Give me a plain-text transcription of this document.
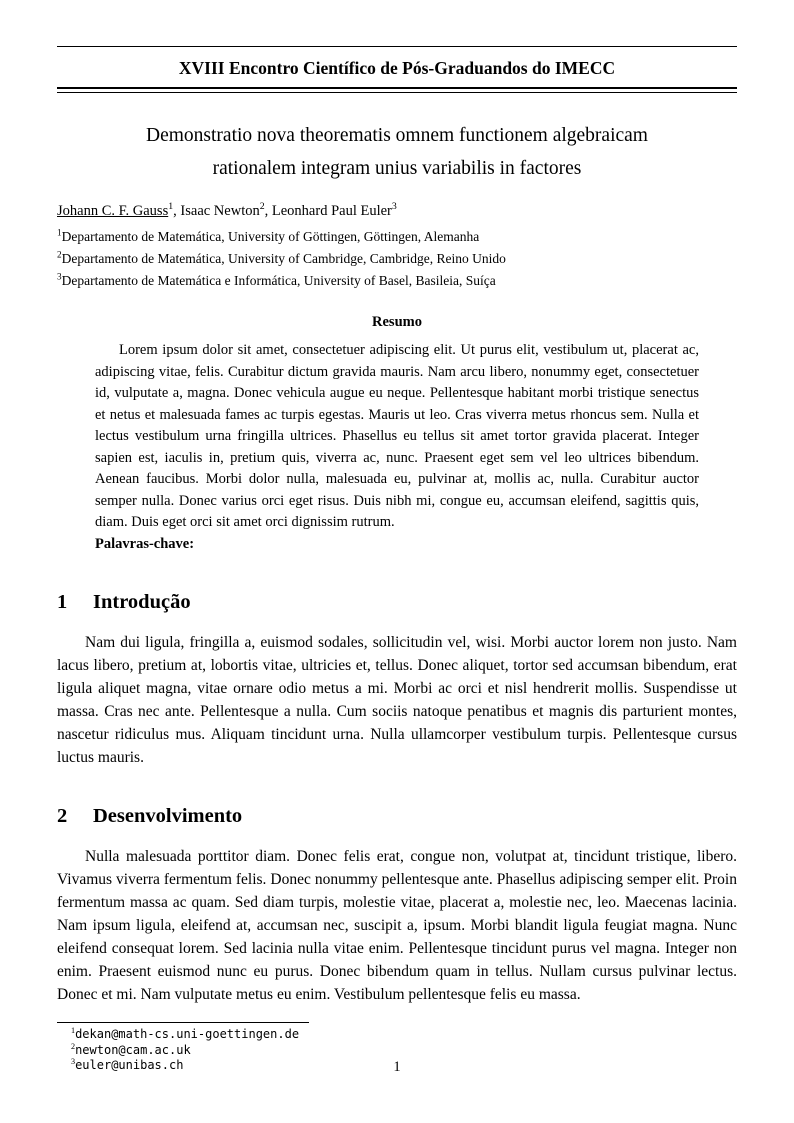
XVIII Encontro Científico de Pós-Graduandos do IMECC
Demonstratio nova theorematis omnem functionem algebraicam
rationalem integram unius variabilis in factores

Johann C. F. Gauss$^1$, Isaac Newton$^2$, Leonhard Paul Euler$^3$

$^1$Departamento de Matemática, University of Göttingen, Göttingen, Alemanha
$^2$Departamento de Matemática, University of Cambridge, Cambridge, Reino Unido
$^3$Departamento de Matemática e Informática, University of Basel, Basileia, Suíça
Resumo
Lorem ipsum dolor sit amet, consectetuer adipiscing elit. Ut purus elit, vestibulum ut, placerat ac, adipiscing vitae, felis. Curabitur dictum gravida mauris. Nam arcu libero, nonummy eget, consectetuer id, vulputate a, magna. Donec vehicula augue eu neque. Pellentesque habitant morbi tristique senectus et netus et malesuada fames ac turpis egestas. Mauris ut leo. Cras viverra metus rhoncus sem. Nulla et lectus vestibulum urna fringilla ultrices. Phasellus eu tellus sit amet tortor gravida placerat. Integer sapien est, iaculis in, pretium quis, viverra ac, nunc. Praesent eget sem vel leo ultrices bibendum. Aenean faucibus. Morbi dolor nulla, malesuada eu, pulvinar at, mollis ac, nulla. Curabitur auctor semper nulla. Donec varius orci eget risus. Duis nibh mi, congue eu, accumsan eleifend, sagittis quis, diam. Duis eget orci sit amet orci dignissim rutrum.
Palavras-chave:
1 Introdução

Nam dui ligula, fringilla a, euismod sodales, sollicitudin vel, wisi. Morbi auctor lorem non justo. Nam lacus libero, pretium at, lobortis vitae, ultricies et, tellus. Donec aliquet, tortor sed accumsan bibendum, erat ligula aliquet magna, vitae ornare odio metus a mi. Morbi ac orci et nisl hendrerit mollis. Suspendisse ut massa. Cras nec ante. Pellentesque a nulla. Cum sociis natoque penatibus et magnis dis parturient montes, nascetur ridiculus mus. Aliquam tincidunt urna. Nulla ullamcorper vestibulum turpis. Pellentesque cursus luctus mauris.

2 Desenvolvimento

Nulla malesuada porttitor diam. Donec felis erat, congue non, volutpat at, tincidunt tristique, libero. Vivamus viverra fermentum felis. Donec nonummy pellentesque ante. Phasellus adipiscing semper elit. Proin fermentum massa ac quam. Sed diam turpis, molestie vitae, placerat a, molestie nec, leo. Maecenas lacinia. Nam ipsum ligula, eleifend at, accumsan nec, suscipit a, ipsum. Morbi blandit ligula feugiat magna. Nunc eleifend consequat lorem. Sed lacinia nulla vitae enim. Pellentesque tincidunt purus vel magna. Integer non enim. Praesent euismod nunc eu purus. Donec bibendum quam in tellus. Nullam cursus pulvinar lectus. Donec et mi. Nam vulputate metus eu enim. Vestibulum pellentesque felis eu massa.

$^1$dekan@math-cs.uni-goettingen.de
$^2$newton@cam.ac.uk
$^3$euler@unibas.ch	1
